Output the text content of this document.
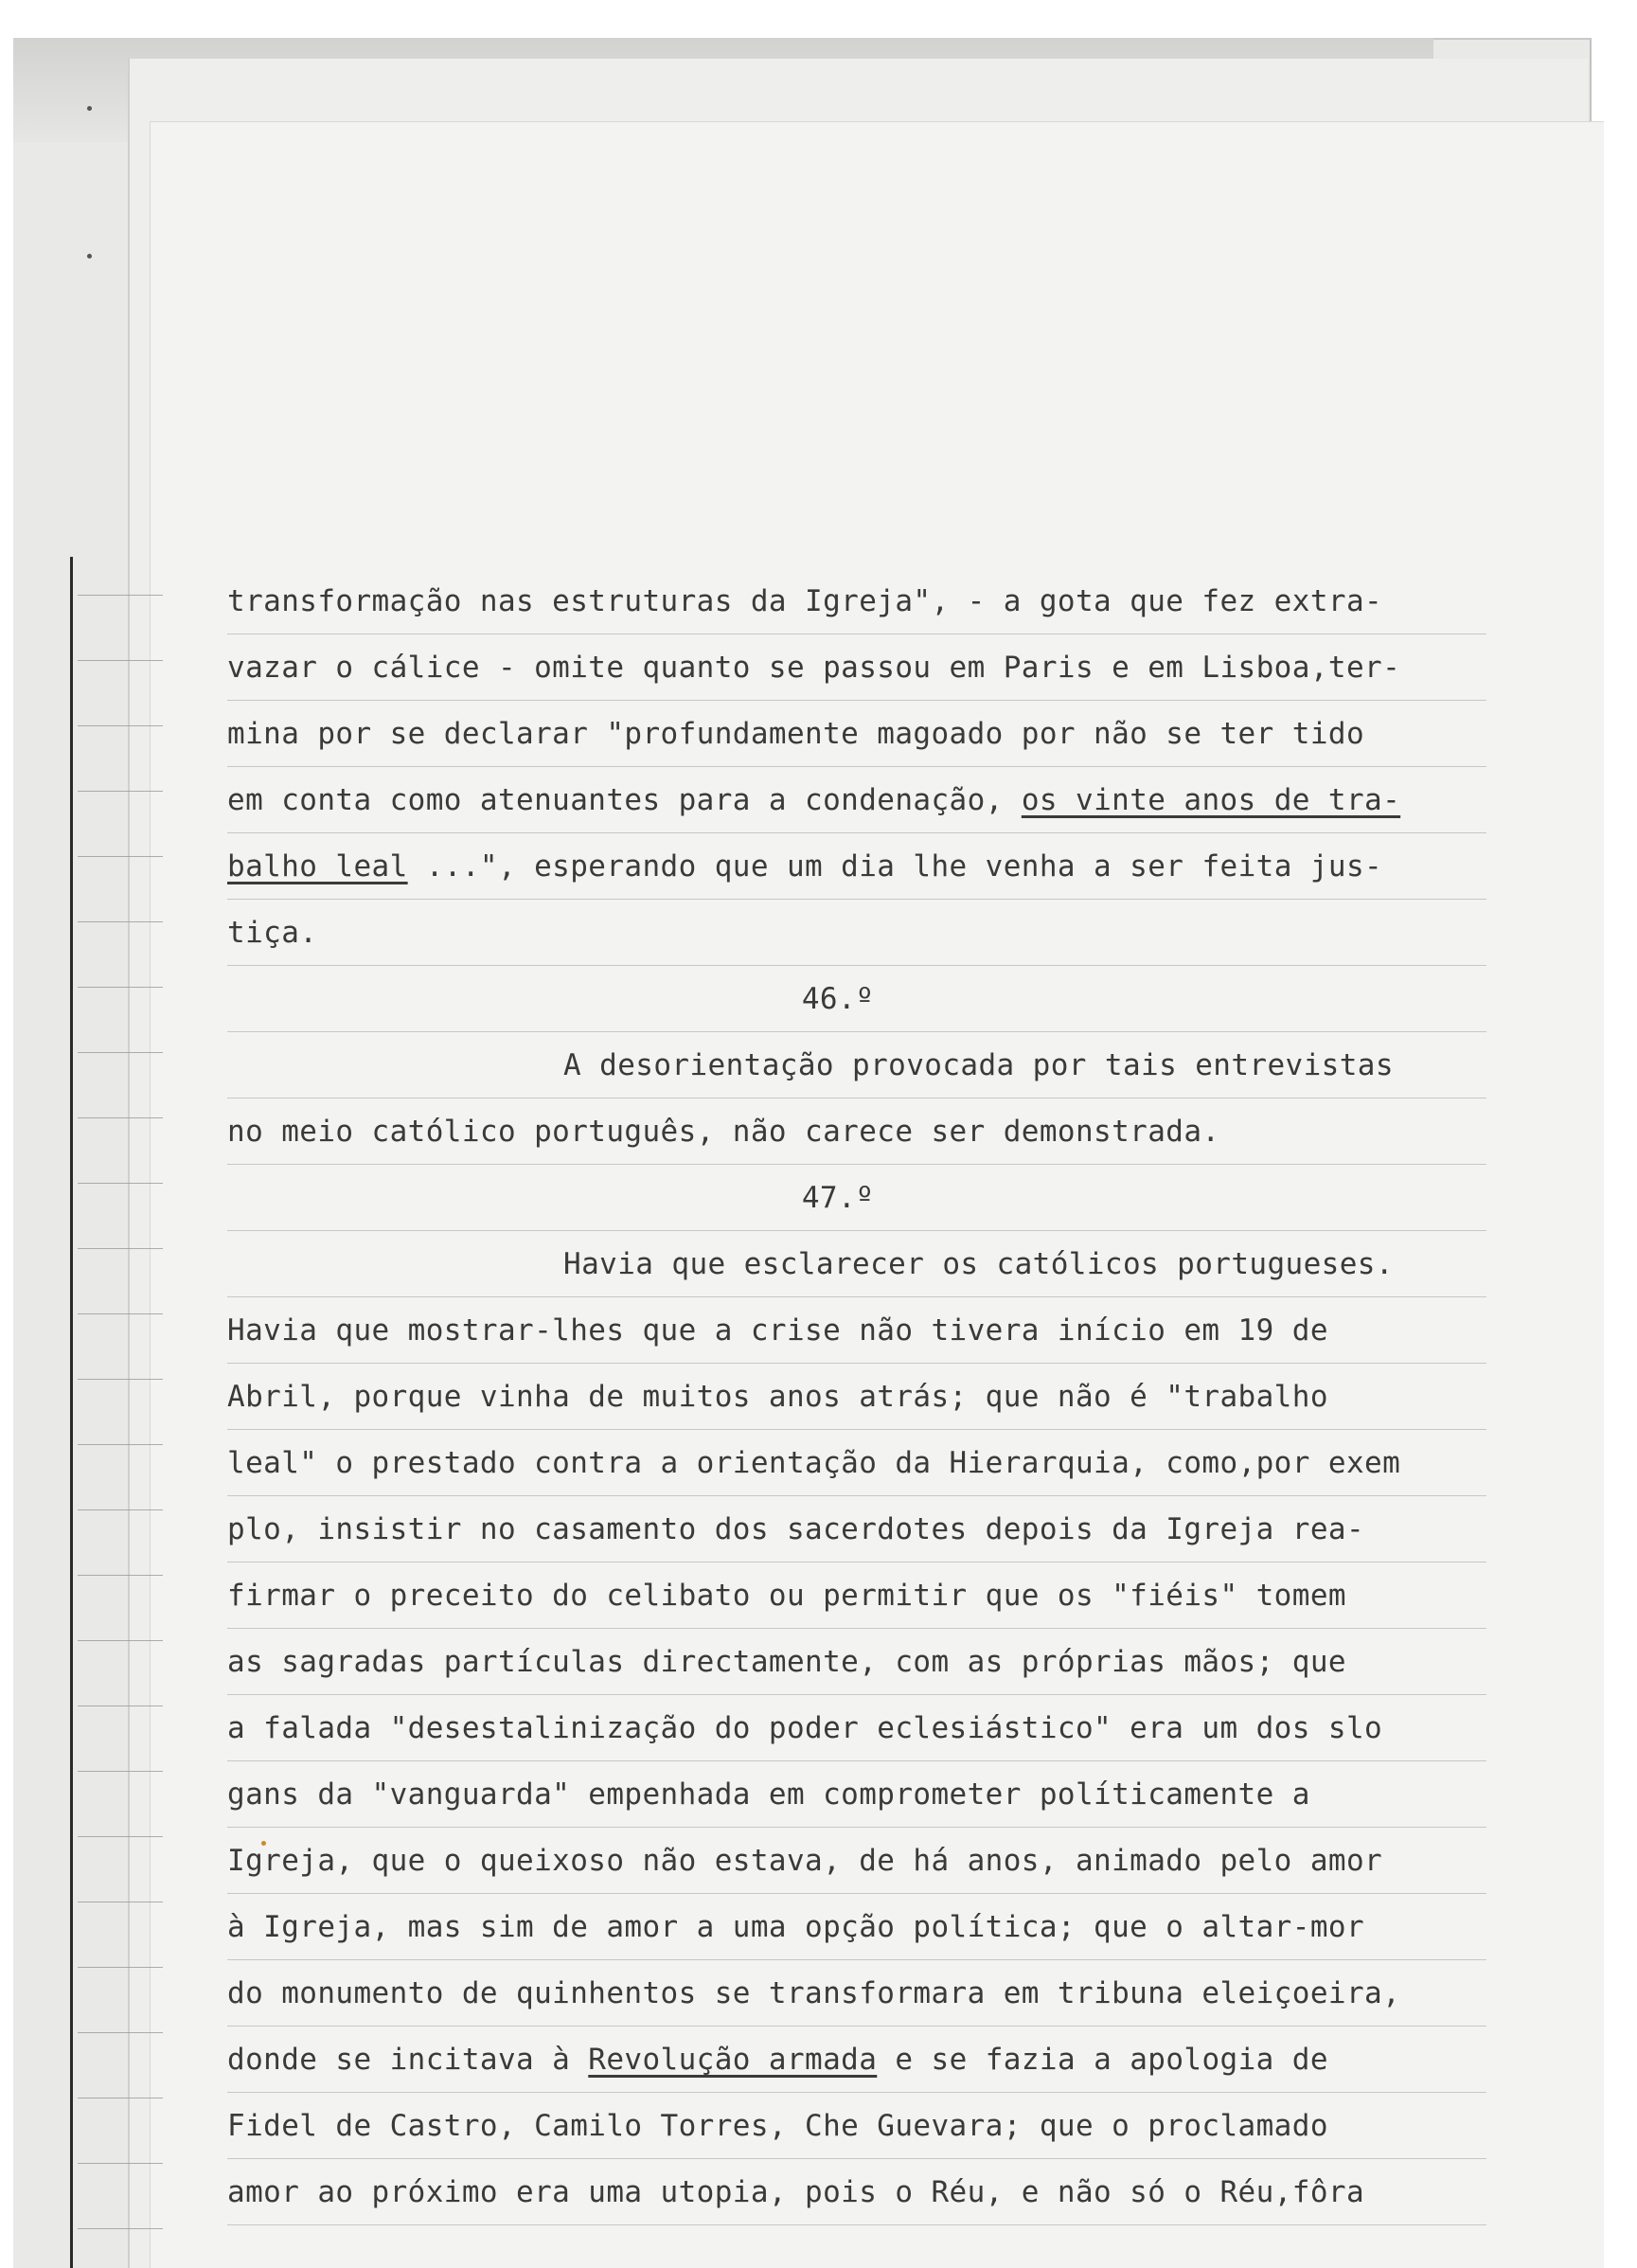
transformação nas estruturas da Igreja", - a gota que fez extra-
vazar o cálice - omite quanto se passou em Paris e em Lisboa,ter-
mina por se declarar "profundamente magoado por não se ter tido
em conta como atenuantes para a condenação, os vinte anos de tra-
balho leal ...", esperando que um dia lhe venha a ser feita jus-
tiça.
46.º
A desorientação provocada por tais entrevistas
no meio católico português, não carece ser demonstrada.
47.º
Havia que esclarecer os católicos portugueses.
Havia que mostrar-lhes que a crise não tivera início em 19 de
Abril, porque vinha de muitos anos atrás; que não é "trabalho
leal" o prestado contra a orientação da Hierarquia, como,por exem
plo, insistir no casamento dos sacerdotes depois da Igreja rea-
firmar o preceito do celibato ou permitir que os "fiéis" tomem
as sagradas partículas directamente, com as próprias mãos; que
a falada "desestalinização do poder eclesiástico" era um dos slo
gans da "vanguarda" empenhada em comprometer políticamente a
Igreja, que o queixoso não estava, de há anos, animado pelo amor
à Igreja, mas sim de amor a uma opção política; que o altar-mor
do monumento de quinhentos se transformara em tribuna eleiçoeira,
donde se incitava à Revolução armada e se fazia a apologia de
Fidel de Castro, Camilo Torres, Che Guevara; que o proclamado
amor ao próximo era uma utopia, pois o Réu, e não só o Réu,fôra
